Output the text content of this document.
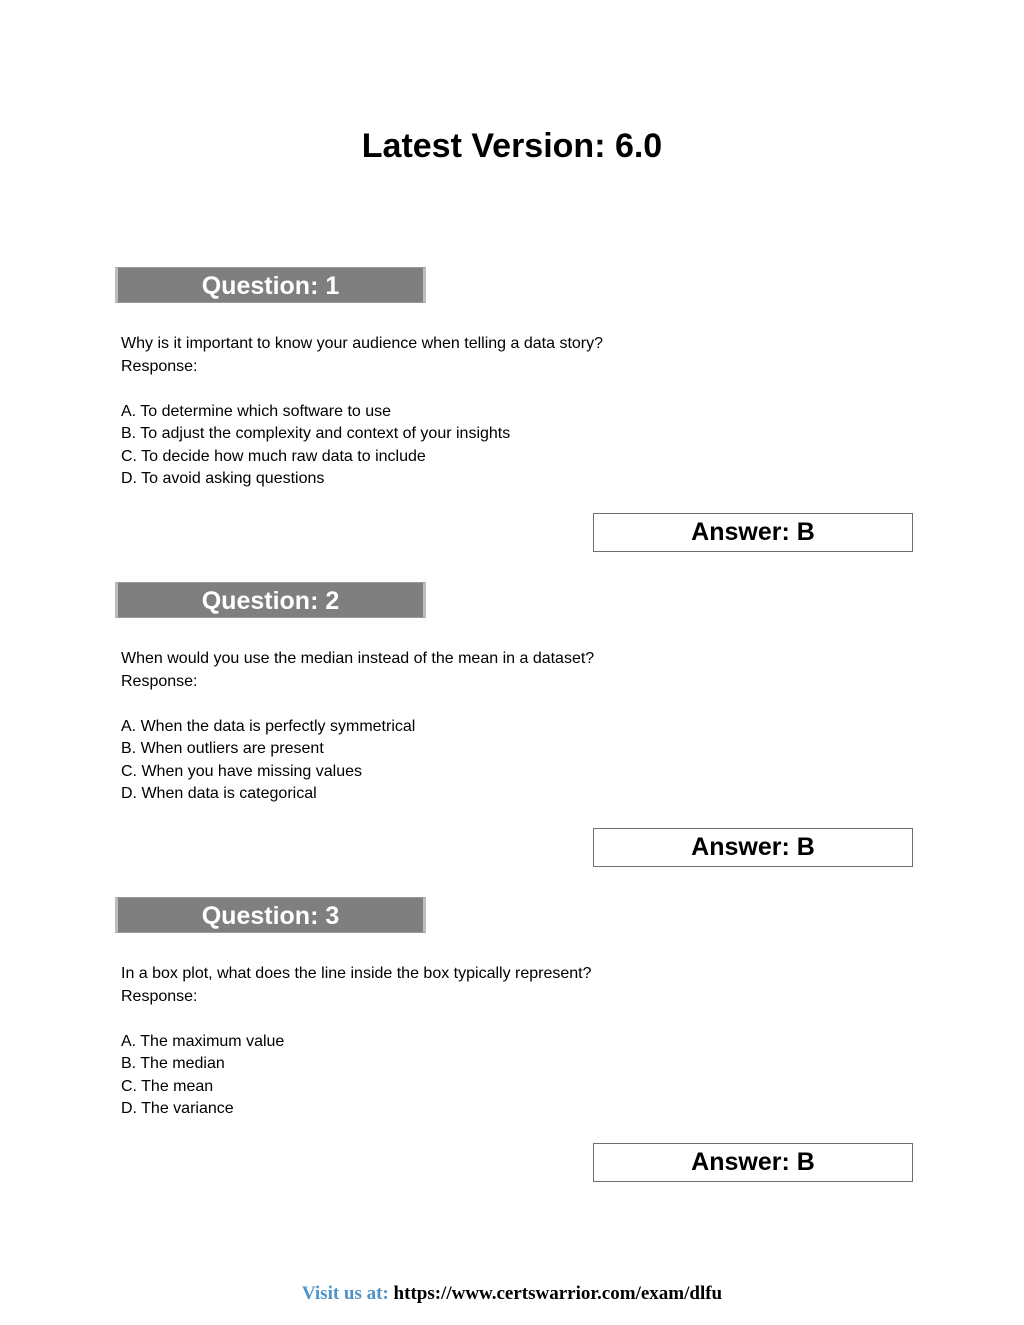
Latest Version: 6.0
Question: 1
Why is it important to know your audience when telling a data story?
Response:
A. To determine which software to use
B. To adjust the complexity and context of your insights
C. To decide how much raw data to include
D. To avoid asking questions
Answer: B
Question: 2
When would you use the median instead of the mean in a dataset?
Response:
A. When the data is perfectly symmetrical
B. When outliers are present
C. When you have missing values
D. When data is categorical
Answer: B
Question: 3
In a box plot, what does the line inside the box typically represent?
Response:
A. The maximum value
B. The median
C. The mean
D. The variance
Answer: B
Visit us at: https://www.certswarrior.com/exam/dlfu
